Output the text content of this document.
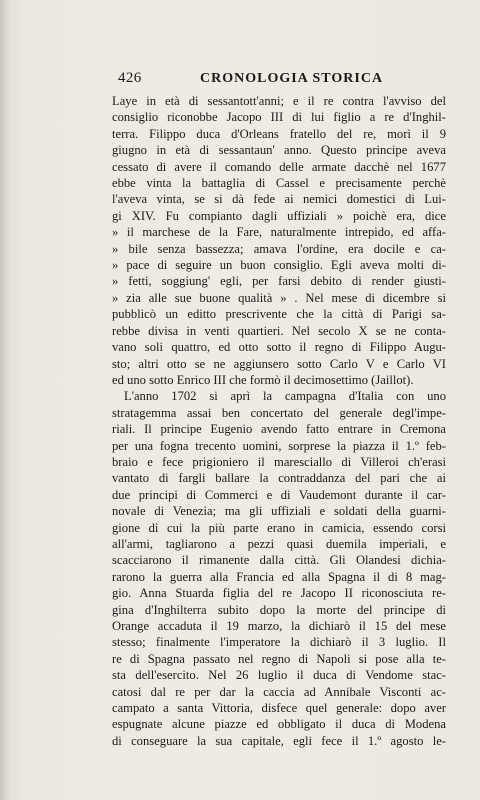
426	CRONOLOGIA STORICA
Laye in età di sessantott'anni; e il re contra l'avviso del
consiglio riconobbe Jacopo III di lui figlio a re d'Inghil-
terra. Filippo duca d'Orleans fratello del re, morì il 9
giugno in età di sessantaun' anno. Questo principe aveva
cessato di avere il comando delle armate dacchè nel 1677
ebbe vinta la battaglia di Cassel e precisamente perchè
l'aveva vinta, se si dà fede ai nemici domestici di Lui-
gi XIV. Fu compianto dagli uffiziali » poichè era, dice
» il marchese de la Fare, naturalmente intrepido, ed affa-
» bile senza bassezza; amava l'ordine, era docile e ca-
» pace di seguire un buon consiglio. Egli aveva molti di-
» fetti, soggiung' egli, per farsi debito di render giusti-
» zia alle sue buone qualità » . Nel mese di dicembre si
pubblicò un editto prescrivente che la città di Parigi sa-
rebbe divisa in venti quartieri. Nel secolo X se ne conta-
vano soli quattro, ed otto sotto il regno di Filippo Augu-
sto; altri otto se ne aggiunsero sotto Carlo V e Carlo VI
ed uno sotto Enrico III che formò il decimosettimo (Jaillot).
L'anno 1702 si aprì la campagna d'Italia con uno
stratagemma assai ben concertato del generale degl'impe-
riali. Il principe Eugenio avendo fatto entrare in Cremona
per una fogna trecento uomini, sorprese la piazza il 1.º feb-
braio e fece prigioniero il maresciallo di Villeroi ch'erasi
vantato di fargli ballare la contraddanza del pari che ai
due principi di Commerci e di Vaudemont durante il car-
novale di Venezia; ma gli uffiziali e soldati della guarni-
gione di cui la più parte erano in camicia, essendo corsi
all'armi, tagliarono a pezzi quasi duemila imperiali, e
scacciarono il rimanente dalla città. Gli Olandesi dichia-
rarono la guerra alla Francia ed alla Spagna il di 8 mag-
gio. Anna Stuarda figlia del re Jacopo II riconosciuta re-
gina d'Inghilterra subito dopo la morte del principe di
Orange accaduta il 19 marzo, la dichiarò il 15 del mese
stesso; finalmente l'imperatore la dichiarò il 3 luglio. Il
re di Spagna passato nel regno di Napoli si pose alla te-
sta dell'esercito. Nel 26 luglio il duca di Vendome stac-
catosi dal re per dar la caccia ad Annibale Visconti ac-
campato a santa Vittoria, disfece quel generale: dopo aver
espugnate alcune piazze ed obbligato il duca di Modena
di conseguare la sua capitale, egli fece il 1.º agosto le-
